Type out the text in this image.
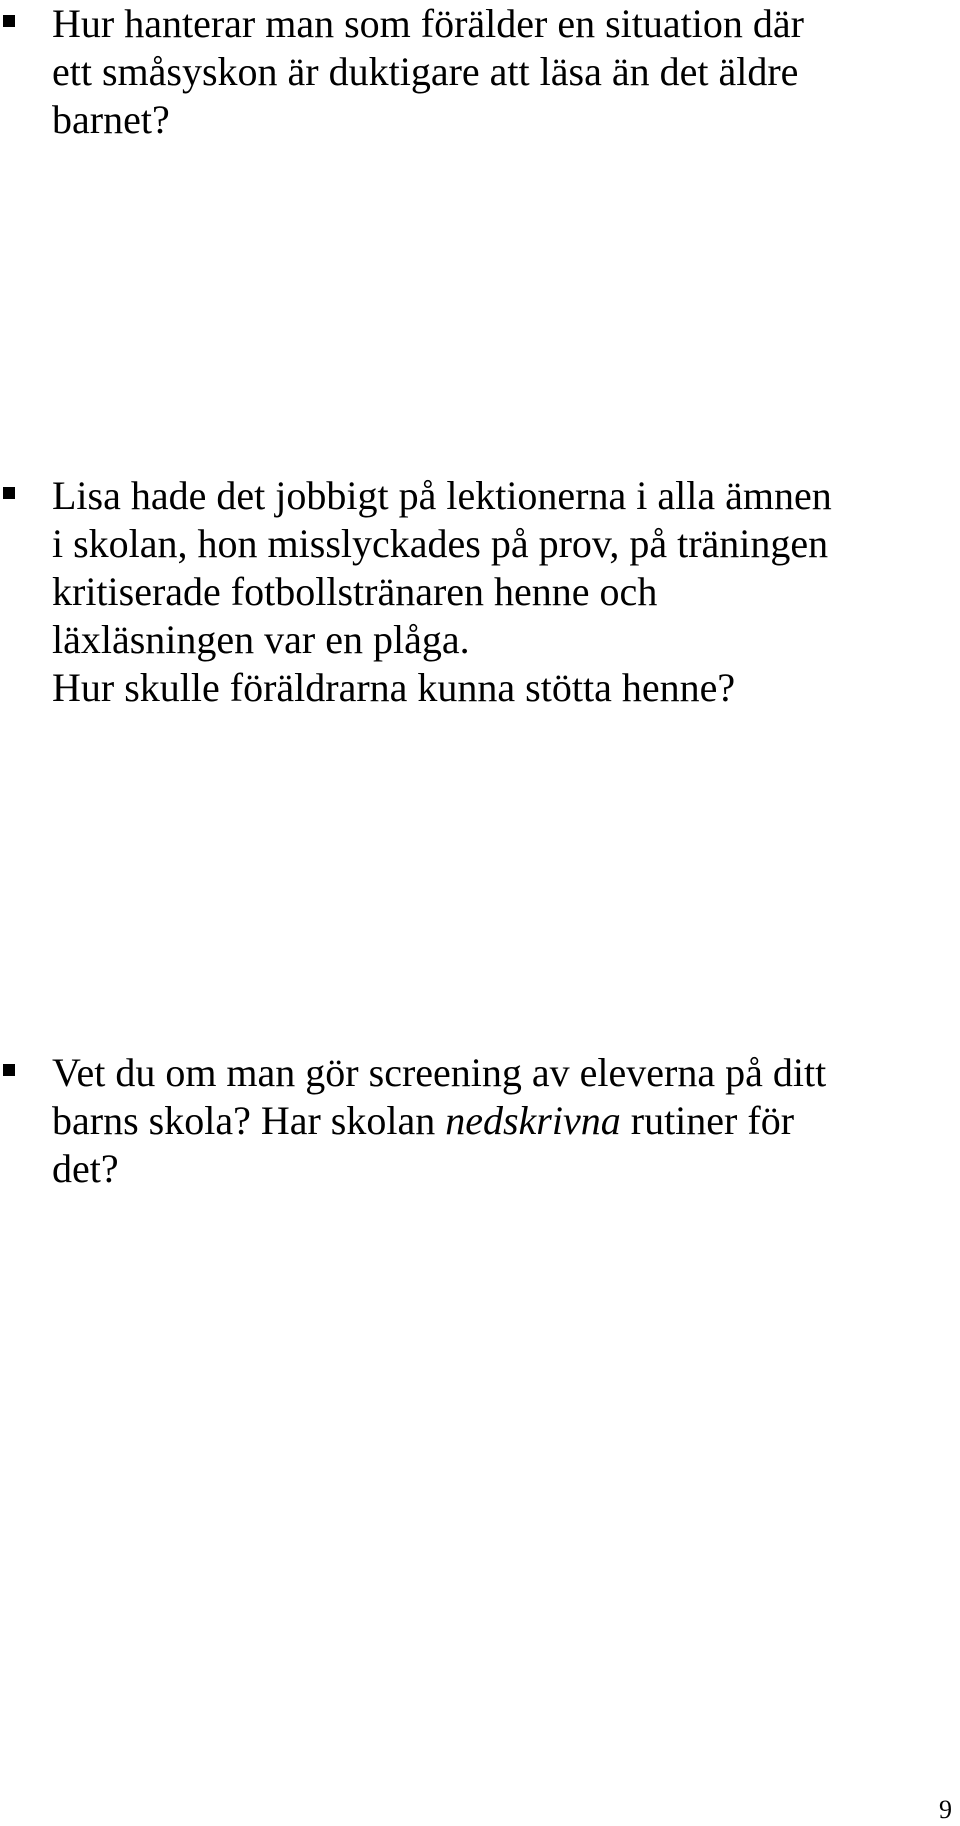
Hur hanterar man som förälder en situation där
ett småsyskon är duktigare att läsa än det äldre
barnet?

Lisa hade det jobbigt på lektionerna i alla ämnen
i skolan, hon misslyckades på prov, på träningen
kritiserade fotbollstränaren henne och
läxläsningen var en plåga.
Hur skulle föräldrarna kunna stötta henne?

Vet du om man gör screening av eleverna på ditt
barns skola? Har skolan nedskrivna rutiner för
det?

9
